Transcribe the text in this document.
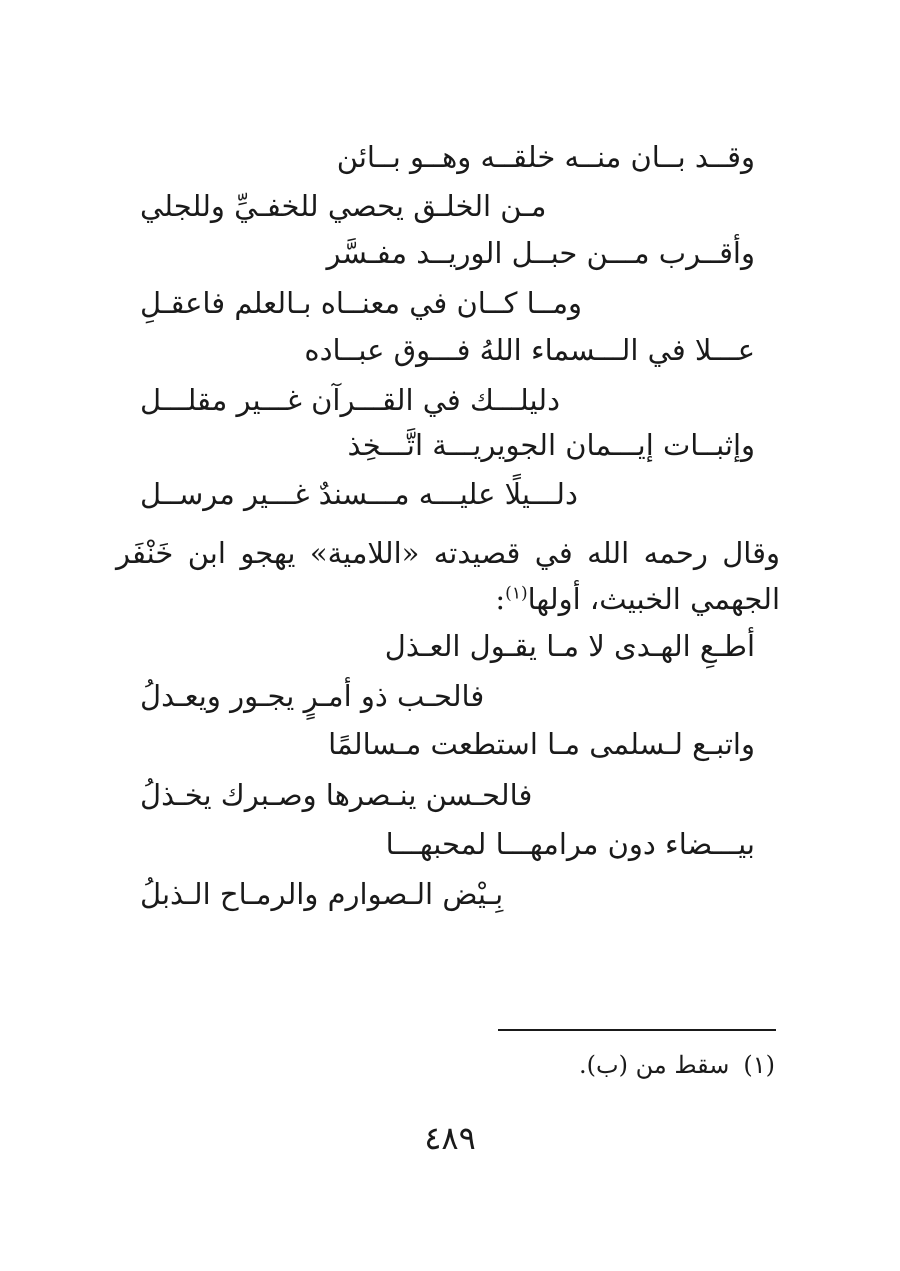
وقــد بــان منــه خلقــه وهــو بــائن
مـن الخلـق يحصي للخفـيِّ وللجلي
وأقــرب مـــن حبــل الوريــد مفـسَّر
ومــا كــان في معنــاه بـالعلم فاعقـلِ
عـــلا في الـــسماء اللهُ فـــوق عبــاده
دليلـــك في القـــرآن غـــير مقلـــل
وإثبــات إيـــمان الجويريـــة اتَّـــخِذ
دلـــيلًا عليـــه مـــسندٌ غـــير مرســل
وقال رحمه الله في قصيدته «اللامية» يهجو ابن خَنْفَر الجهمي الخبيث، أولها$^{(١)}$:
أطـعِ الهـدى لا مـا يقـول العـذل
فالحـب ذو أمـرٍ يجـور ويعـدلُ
واتبـع لـسلمى مـا استطعت مـسالمًا
فالحـسن ينـصرها وصـبرك يخـذلُ
بيـــضاء دون مرامهـــا لمحبهـــا
بِـيْض الـصوارم والرمـاح الـذبلُ
(١)سقط من (ب).
٤٨٩
